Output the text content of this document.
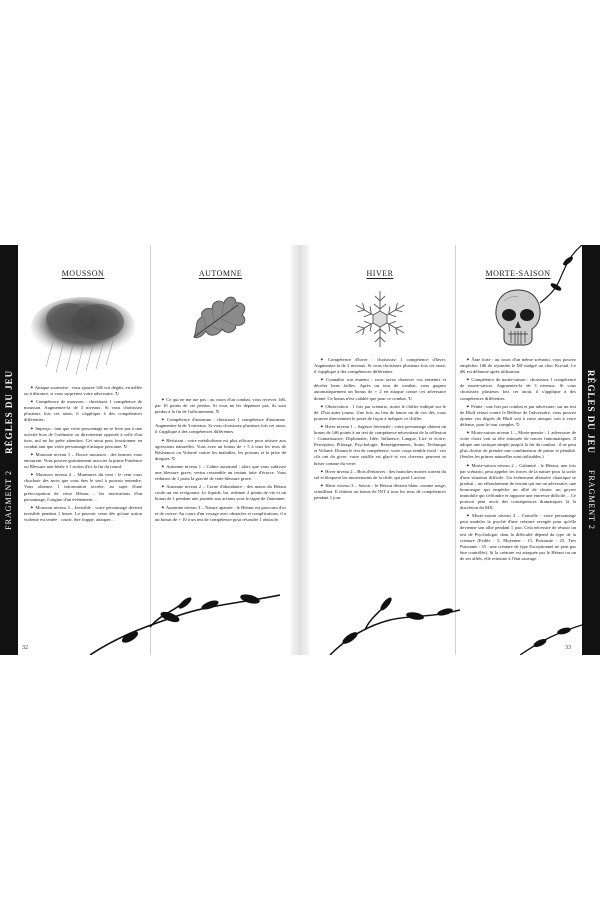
FRAGMENT 2
RÈGLES DU JEU
MOUSSON

✦ Attaque sournoise : vous ajoutez 1d6 vos dégâts, en mêlée ou à distance, si vous surprenez votre adversaire. ↻

✦ Compétence de mousson : choisissez 1 compétence de mousson. Augmentez-la de 3 niveaux. Si vous choisissez plusieurs fois cet atout, il s'applique à des compétences différentes.

✦ Imperçu : tant que votre personnage ne se livre pas à une activité hors de l'ordinaire ou directement opposée à celle d'un tiers, nul ne lui prête attention. Cet atout peut fonctionner en combat tant que votre personnage n'attaque personne. ↻

✦ Mousson niveau 1 – Douce mousson : des brumes vous entourent. Vous pouvez gratuitement associer la prime Prudence ou Blessure non létale à 1 action d'ici la fin du round.

✦ Mousson niveau 2 – Murmures du vent : le vent vous chuchote des mots que vous êtes le seul à pouvoir entendre. Vous obtenez 1 information secrète, au sujet d'une préoccupation de votre Héraut – les motivations d'un personnage, l'origine d'un événement…

✦ Mousson niveau 3 – Invisible : votre personnage devient invisible pendant 1 heure. Le pouvoir cesse dès qu'une action violente est tentée : courir, être frappé, attaquer…

AUTOMNE

✦ Ce qui ne me tue pas : au cours d'un combat, vous recevez 1d6, par 10 points de vie perdus. Si vous ne les dépensez pas, ils sont perdus à la fin de l'affrontement. ↻

✦ Compétence d'automne : choisissez 1 compétence d'automne. Augmentez-la de 3 niveaux. Si vous choisissez plusieurs fois cet atout, il s'applique à des compétences différentes.

✦ Résistant : votre métabolisme est plus efficace pour résister aux agressions naturelles. Vous avez un bonus de + 5 à tous les tests de Résistance ou Volonté contre les maladies, les poisons et la prise de drogues. ↻

✦ Automne niveau 1 – Calme automnal : alors que vous subissez une blessure grave, vertus ressemble un instant faite d'écorce. Vous réduisez de 1 point la gravité de cette blessure grave.

✦ Automne niveau 2 – Corne d'abondance : des mains du Héraut coule un vin revigorant. Le liquide, bu, redonne 2 points de vie et un bonus de 1 pendant une journée aux actions sous le signe de l'automne.

✦ Automne niveau 3 – Nature apaisée : le Héraut est parcouru d'or et de cuivre. Au cours d'un voyage avec obstacles et complications, il a un bonus de + 10 à un test de compétence pour résoudre 1 obstacle.

HIVER

✦ Compétence d'hiver : choisissez 1 compétence d'hiver. Augmentez-la de 3 niveaux. Si vous choisissez plusieurs fois cet atout, il s'applique à des compétences différentes.

✦ Connaître son ennemi : vous savez observer vos ennemis et déceler leurs failles. Après un tour de combat, vous gagnez automatiquement un bonus de + 2 en attaque contre cet adversaire donné. Ce bonus n'est valable que pour ce combat. ↻

✦ Observation : 1 fois par scénario, notez le chiffre indiqué sur le dé. D'un autre joueur. Une fois, au lieu de lancer un de vos dés, vous pourrez directement le poser de façon à indiquer ce chiffre.

✦ Hiver niveau 1 – Sagesse hivernale : votre personnage obtient un bonus de 1d6 points à un test de compétence nécessitant de la réflexion : Connaissance, Diplomatie, Idée, Influence, Langue, Lire et écrire, Perception, Pilotage, Psychologie, Renseignements, Soins, Technique et Volonté. Durant le test de compétence, votre corps semble froid : vos cils ont du givre, votre souffle est glacé et vos cheveux peuvent se briser comme du verre.

✦ Hiver niveau 2 – Bois d'entraves : des branches mortes sortent du sol et bloquent les mouvements de la cible, qui perd 1 action.

✦ Hiver niveau 3 – Savoir : le Héraut devient blanc comme neige, scintillant. Il obtient un bonus de INT à tous les tests de compétences pendant 1 jour.

MORTE-SAISON

✦ Âme forte : au cours d'un même scénario, vous pouvez empêcher 1d6 de rejoindre le MJ malgré un choc Krystal. Le dK est défaussé après utilisation.

✦ Compétence de morte-saison : choisissez 1 compétence de morte-saison. Augmentez-la de 3 niveaux. Si vous choisissez plusieurs fois cet atout, il s'applique à des compétences différentes.

✦ Feinte : une fois par combat et par adversaire, sur un test de Bluff réussi contre le Réflexe de l'adversaire, vous pouvez ajouter vos degrés de Bluff soit à votre attaque, soit à votre défense, pour le tour complet. ↻

✦ Morte-saison niveau 1 – Morte-pensée : 1 adversaire de votre choix voit sa tête entourée de ronces fantomatiques. Il adopte une tactique simple jusqu'à la fin du combat : il ne peut plus choisir de prendre une combinaison de prime et pénalité. (Seules les primes naturelles sont utilisables.)

✦ Morte-saison niveau 2 – Calamité : le Héraut, une fois par scénario, peut appeler les forces de la nature pour la sortir d'une situation difficile. Un événement aléatoire chaotique se produit – un effondrement de terrain qui me un adversaire, une bourrasque qui empêche un allié de chuter, un geyser immobile qui s'effondre et rapporte une entrevue difficile… Ce pouvoir peut avoir des conséquences dramatiques (à la discrétion du MJ).

✦ Morte-saison niveau 3 – Contrôle : votre personnage peut modeler la psyché d'une créature ravagée pour qu'elle devienne son allié pendant 1 jour. Cela nécessite de réussir un test de Psychologie, dont la difficulté dépend du type de la créature (Faible : 5, Moyenne : 15, Puissante : 25, Très Puissante : 35 ; une créature de type Exceptionnel ne peut pas être contrôlée). Si la créature est attaquée par le Héraut ou un de ses alliés, elle retourne à l'état sauvage.

32	33
RÈGLES DU JEU
FRAGMENT 2
